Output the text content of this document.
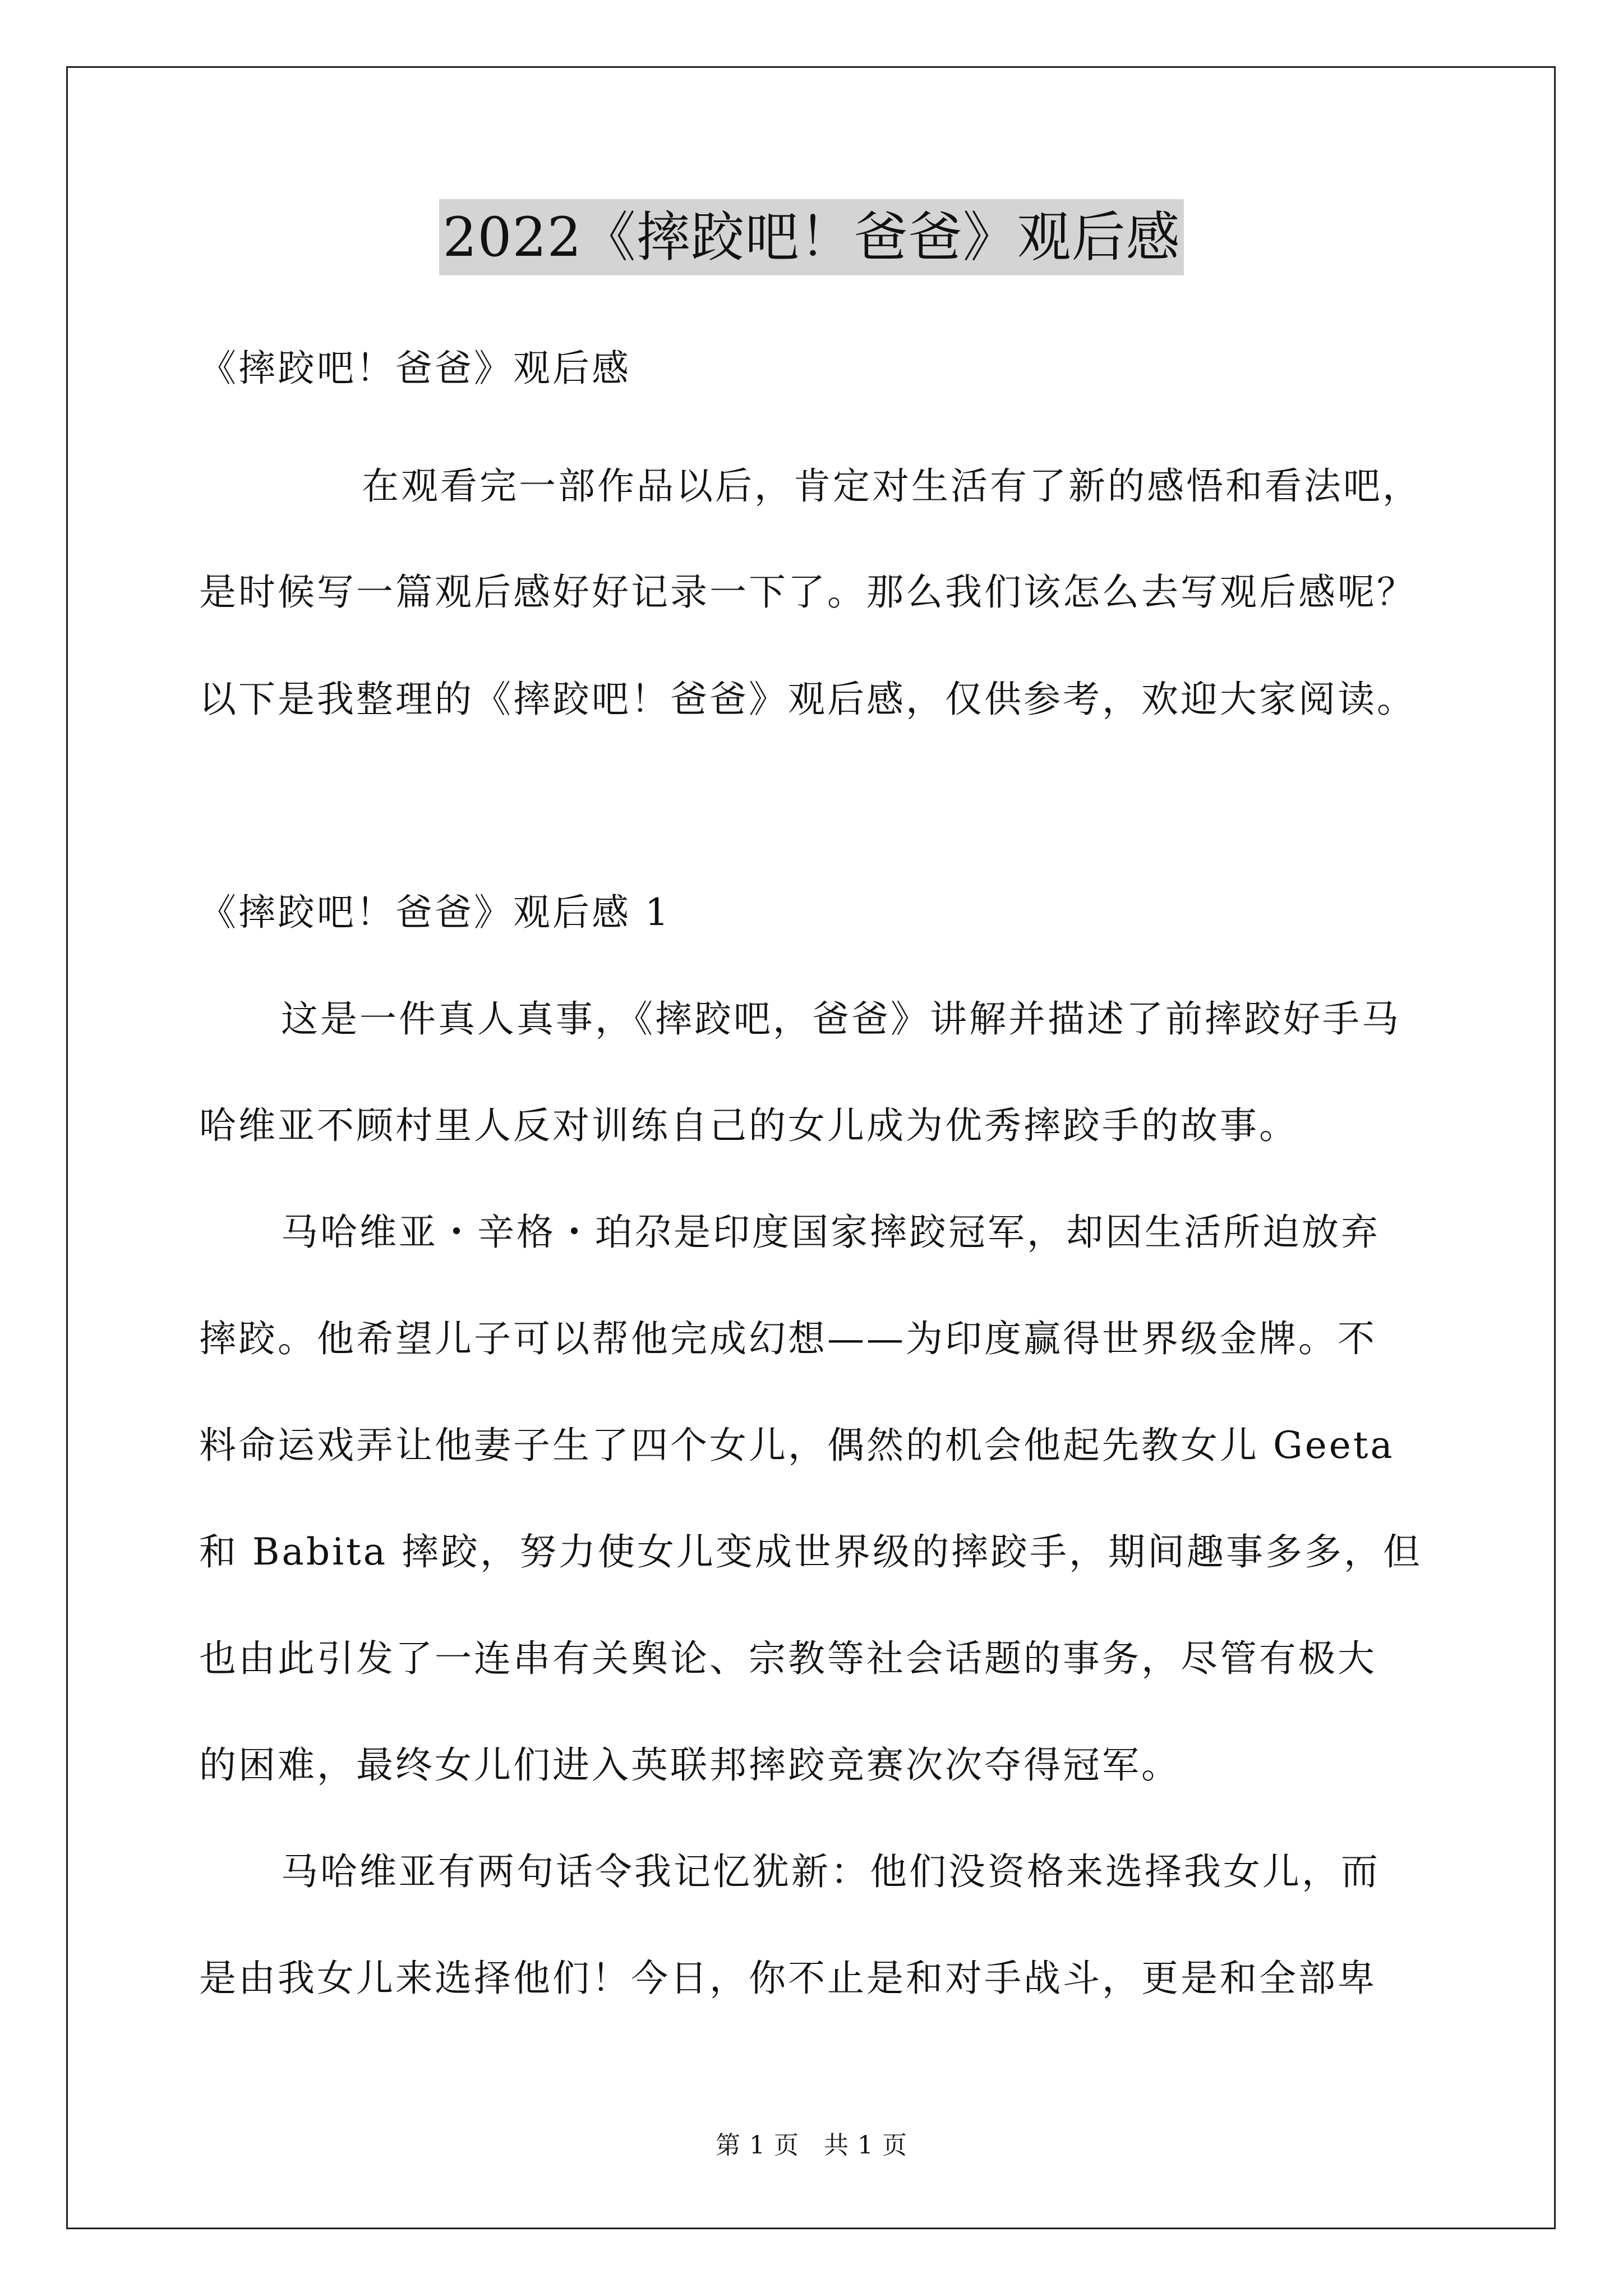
2022《摔跤吧！爸爸》观后感
《摔跤吧！爸爸》观后感
在观看完一部作品以后，肯定对生活有了新的感悟和看法吧，
是时候写一篇观后感好好记录一下了。那么我们该怎么去写观后感呢？
以下是我整理的《摔跤吧！爸爸》观后感，仅供参考，欢迎大家阅读。
《摔跤吧！爸爸》观后感 1
这是一件真人真事，《摔跤吧，爸爸》讲解并描述了前摔跤好手马
哈维亚不顾村里人反对训练自己的女儿成为优秀摔跤手的故事。
马哈维亚・辛格・珀尕是印度国家摔跤冠军，却因生活所迫放弃
摔跤。他希望儿子可以帮他完成幻想——为印度赢得世界级金牌。不
料命运戏弄让他妻子生了四个女儿，偶然的机会他起先教女儿 Geeta
和 Babita 摔跤，努力使女儿变成世界级的摔跤手，期间趣事多多，但
也由此引发了一连串有关舆论、宗教等社会话题的事务，尽管有极大
的困难，最终女儿们进入英联邦摔跤竞赛次次夺得冠军。
马哈维亚有两句话令我记忆犹新：他们没资格来选择我女儿，而
是由我女儿来选择他们！今日，你不止是和对手战斗，更是和全部卑
第 1 页 共 1 页
